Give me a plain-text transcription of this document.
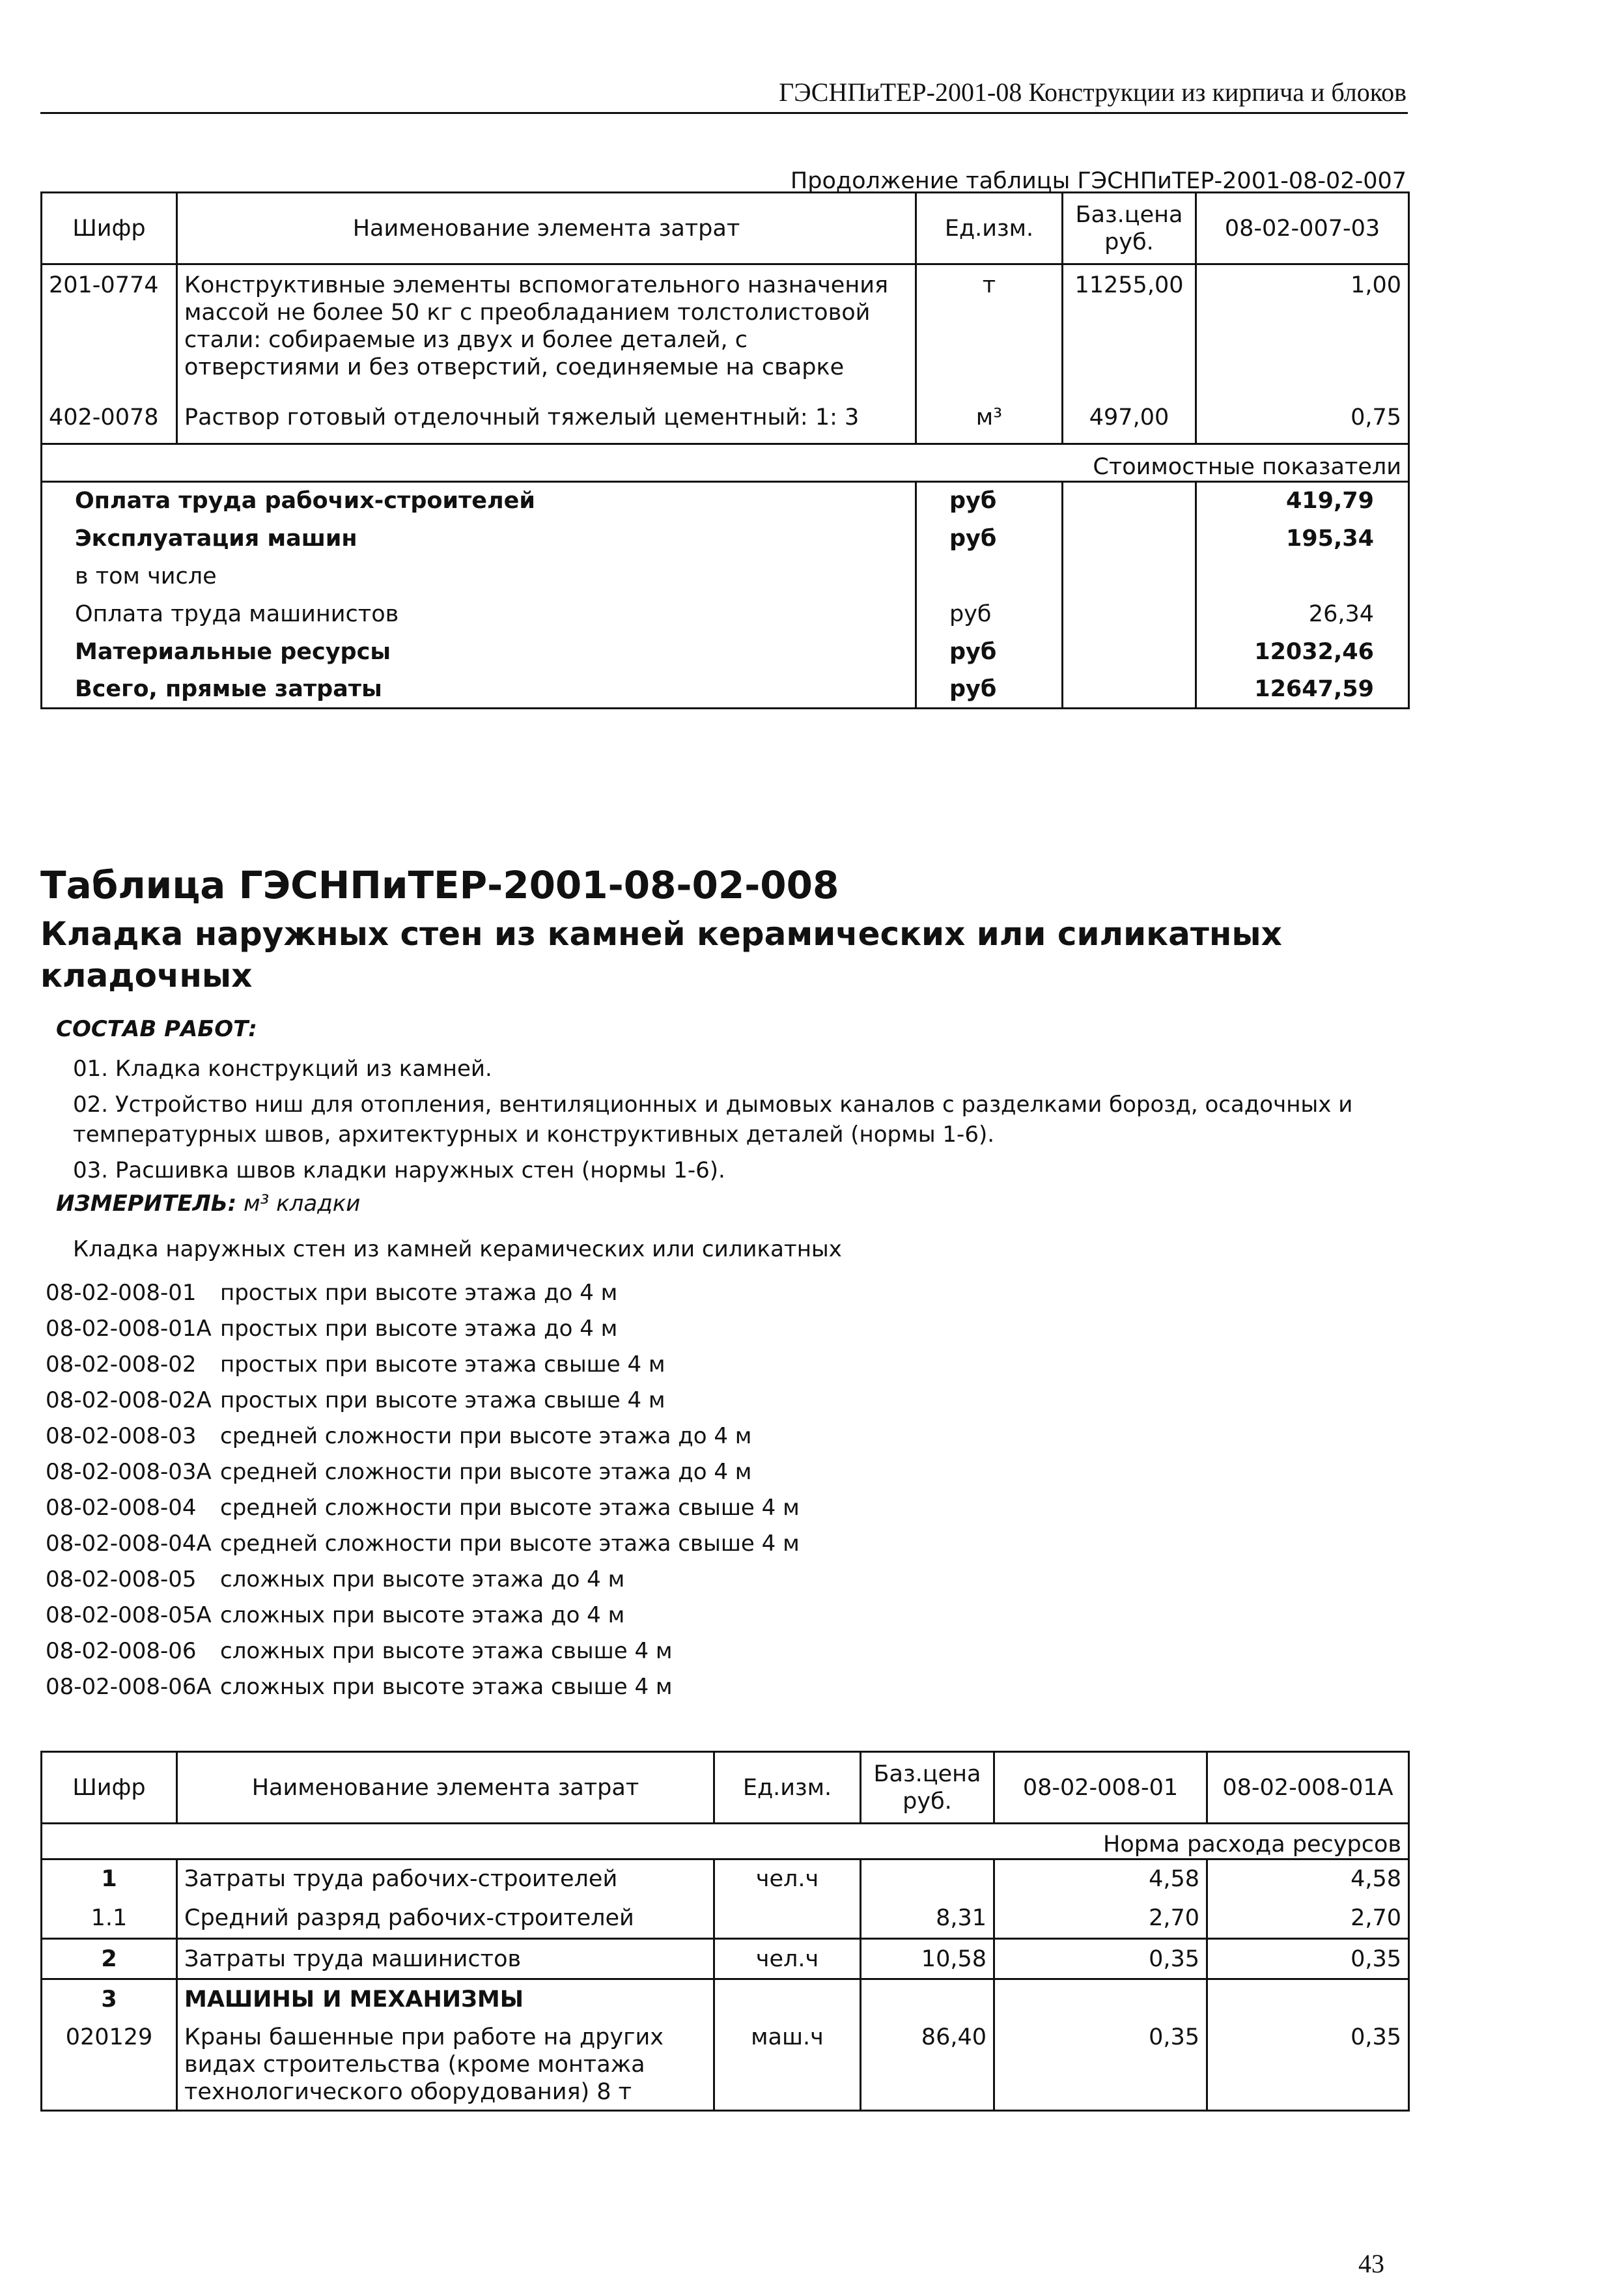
ГЭСНПиТЕР-2001-08 Конструкции из кирпича и блоков
Продолжение таблицы ГЭСНПиТЕР-2001-08-02-007
Шифр	Наименование элемента затрат	Ед.изм.	Баз.цена руб.	08-02-007-03
201-0774	Конструктивные элементы вспомогательного назначения массой не более 50 кг с преобладанием толстолистовой стали: собираемые из двух и более деталей, с отверстиями и без отверстий, соединяемые на сварке	т	11255,00	1,00
402-0078	Раствор готовый отделочный тяжелый цементный: 1: 3	м³	497,00	0,75
Стоимостные показатели				
Оплата труда рабочих-строителей		руб		419,79
Эксплуатация машин		руб		195,34
в том числе				
Оплата труда машинистов		руб		26,34
Материальные ресурсы		руб		12032,46
Всего, прямые затраты		руб		12647,59
Таблица ГЭСНПиТЕР-2001-08-02-008
Кладка наружных стен из камней керамических или силикатных кладочных
СОСТАВ РАБОТ:
01. Кладка конструкций из камней.
02. Устройство ниш для отопления, вентиляционных и дымовых каналов с разделками борозд, осадочных и температурных швов, архитектурных и конструктивных деталей (нормы 1-6).
03. Расшивка швов кладки наружных стен (нормы 1-6).
ИЗМЕРИТЕЛЬ: м³ кладки
Кладка наружных стен из камней керамических или силикатных
08-02-008-01 простых при высоте этажа до 4 м
08-02-008-01А простых при высоте этажа до 4 м
08-02-008-02 простых при высоте этажа свыше 4 м
08-02-008-02А простых при высоте этажа свыше 4 м
08-02-008-03 средней сложности при высоте этажа до 4 м
08-02-008-03А средней сложности при высоте этажа до 4 м
08-02-008-04 средней сложности при высоте этажа свыше 4 м
08-02-008-04А средней сложности при высоте этажа свыше 4 м
08-02-008-05 сложных при высоте этажа до 4 м
08-02-008-05А сложных при высоте этажа до 4 м
08-02-008-06 сложных при высоте этажа свыше 4 м
08-02-008-06А сложных при высоте этажа свыше 4 м
Шифр	Наименование элемента затрат	Ед.изм.	Баз.цена руб.	08-02-008-01	08-02-008-01А
Норма расхода ресурсов					
1	Затраты труда рабочих-строителей	чел.ч		4,58	4,58
1.1	Средний разряд рабочих-строителей		8,31	2,70	2,70
2	Затраты труда машинистов	чел.ч	10,58	0,35	0,35
3	МАШИНЫ И МЕХАНИЗМЫ				
020129	Краны башенные при работе на других видах строительства (кроме монтажа технологического оборудования) 8 т	маш.ч	86,40	0,35	0,35
43
